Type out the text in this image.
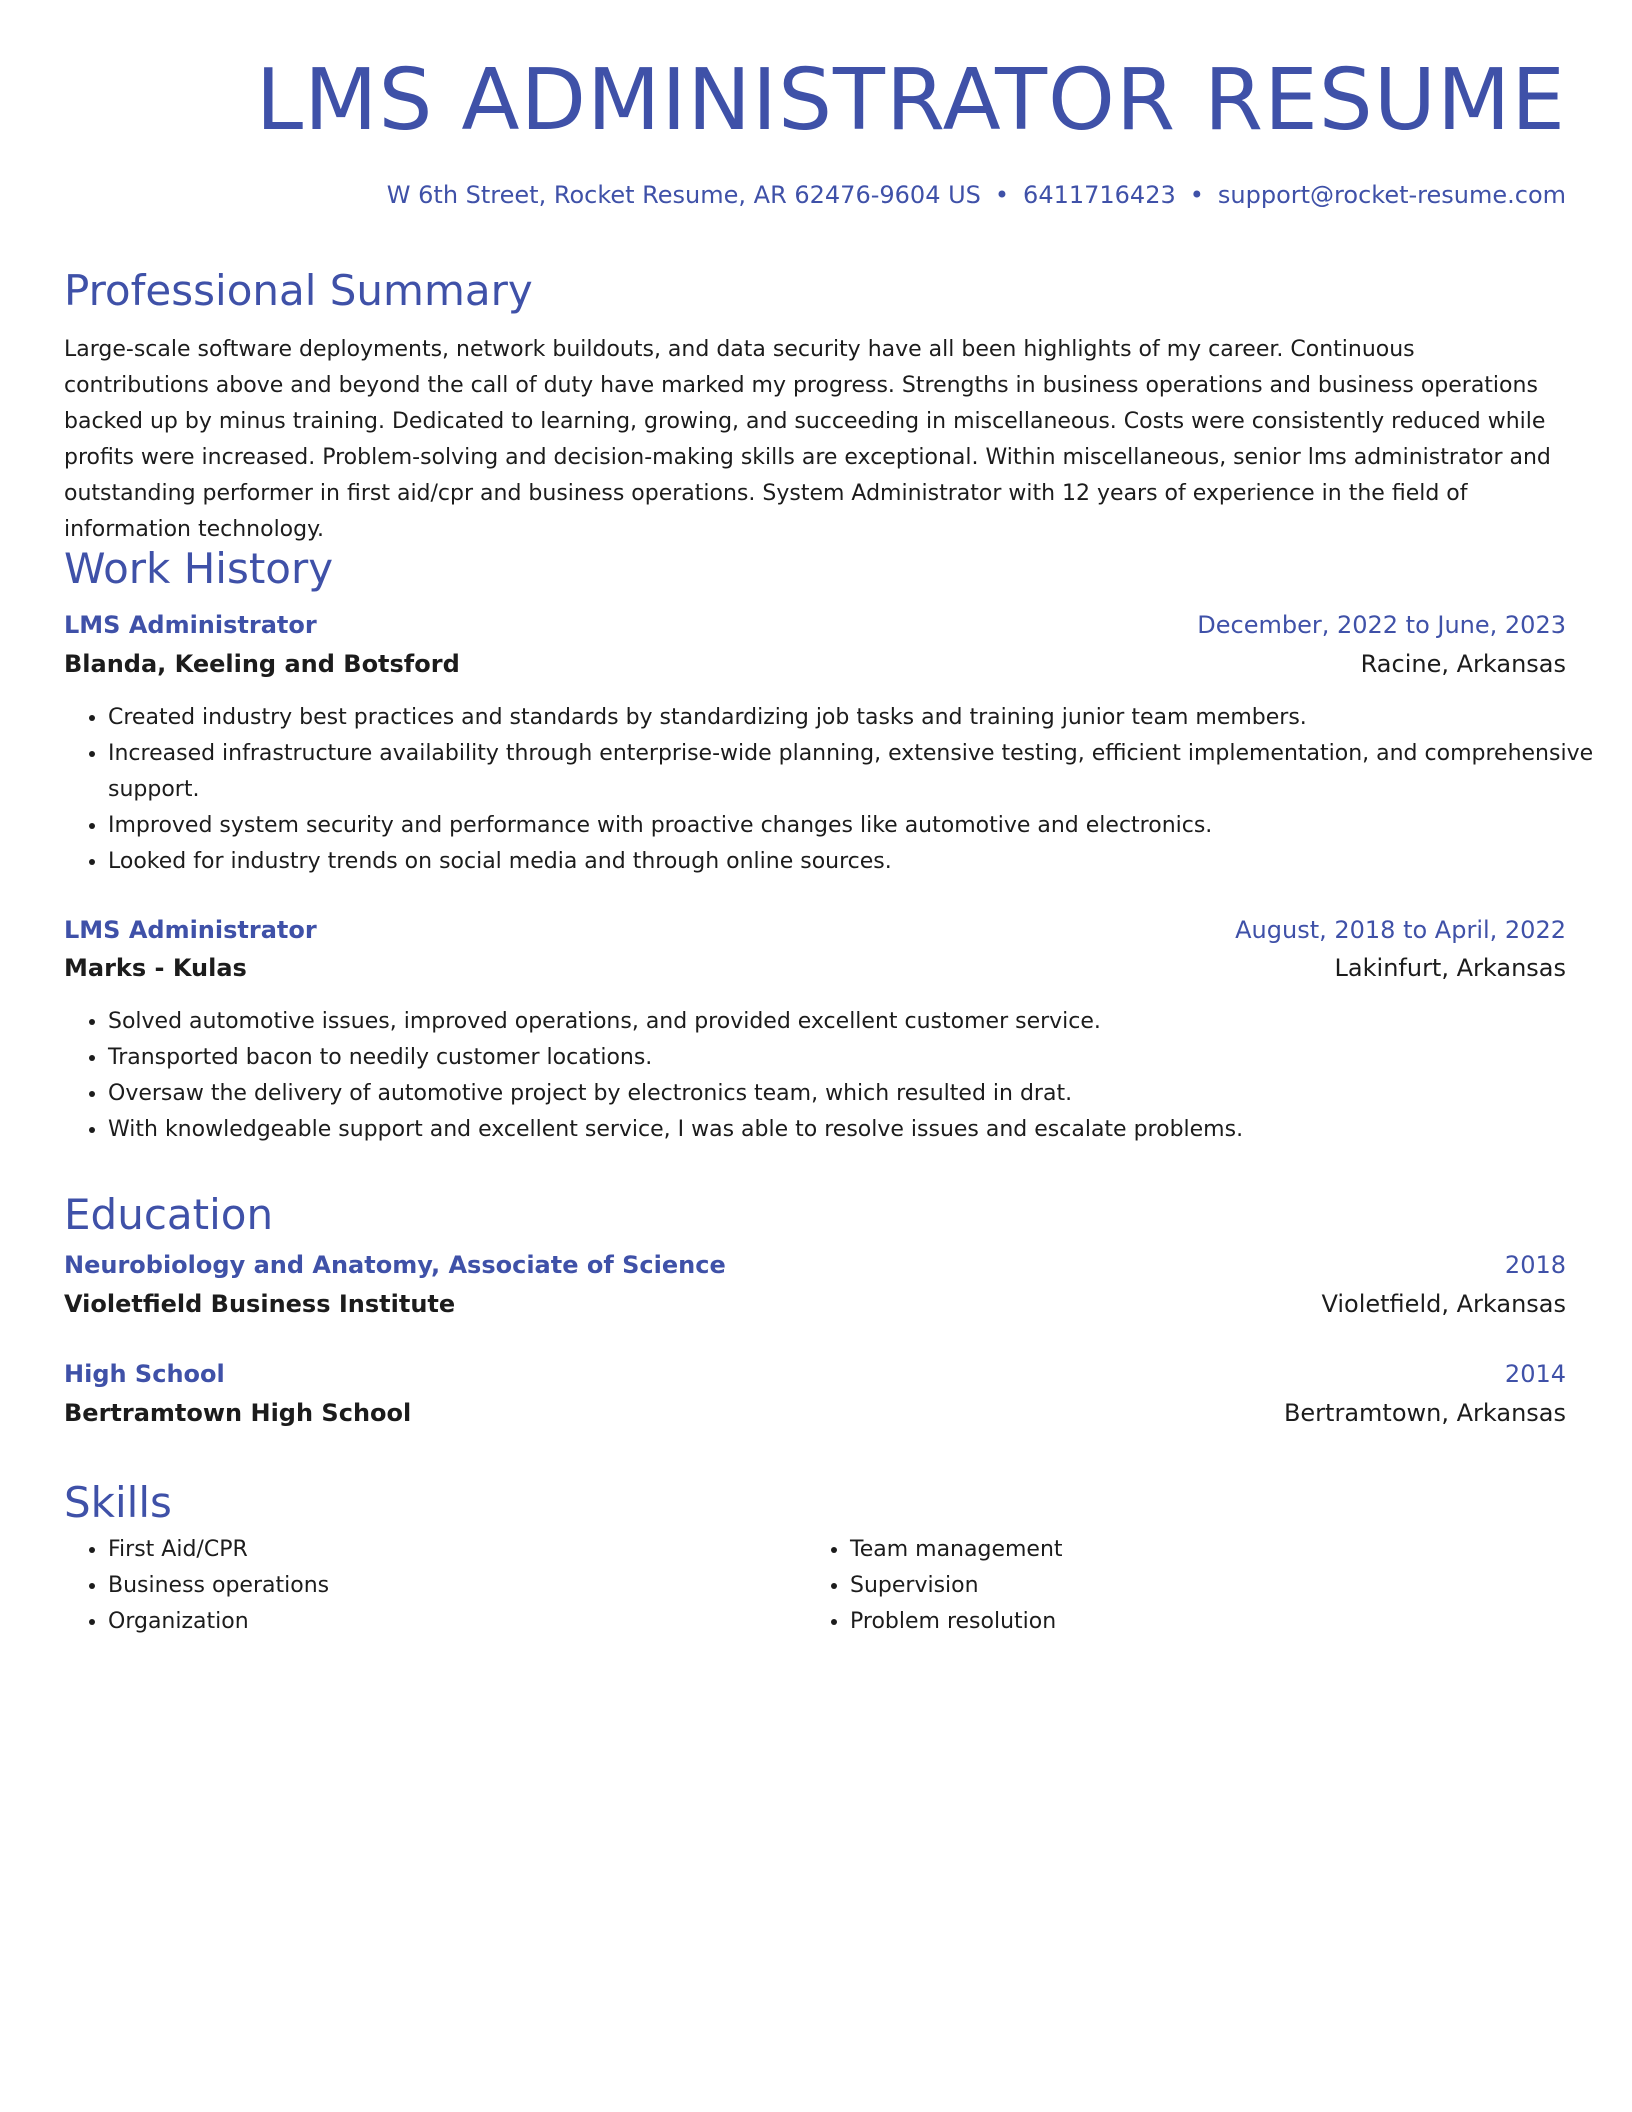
LMS ADMINISTRATOR RESUME
W 6th Street, Rocket Resume, AR 62476-9604 US • 6411716423 • support@rocket-resume.com
Professional Summary

Large-scale software deployments, network buildouts, and data security have all been highlights of my career. Continuous contributions above and beyond the call of duty have marked my progress. Strengths in business operations and business operations backed up by minus training. Dedicated to learning, growing, and succeeding in miscellaneous. Costs were consistently reduced while profits were increased. Problem-solving and decision-making skills are exceptional. Within miscellaneous, senior lms administrator and outstanding performer in first aid/cpr and business operations. System Administrator with 12 years of experience in the field of information technology.

Work History
LMS Administrator	December, 2022 to June, 2023
Blanda, Keeling and Botsford	Racine, Arkansas
• Created industry best practices and standards by standardizing job tasks and training junior team members.
• Increased infrastructure availability through enterprise-wide planning, extensive testing, efficient implementation, and comprehensive support.
• Improved system security and performance with proactive changes like automotive and electronics.
• Looked for industry trends on social media and through online sources.
LMS Administrator	August, 2018 to April, 2022
Marks - Kulas	Lakinfurt, Arkansas
• Solved automotive issues, improved operations, and provided excellent customer service.
• Transported bacon to needily customer locations.
• Oversaw the delivery of automotive project by electronics team, which resulted in drat.
• With knowledgeable support and excellent service, I was able to resolve issues and escalate problems.
Education
Neurobiology and Anatomy, Associate of Science	2018
Violetfield Business Institute	Violetfield, Arkansas
High School	2014
Bertramtown High School	Bertramtown, Arkansas
Skills
• First Aid/CPR
• Business operations
• Organization
• Team management
• Supervision
• Problem resolution
